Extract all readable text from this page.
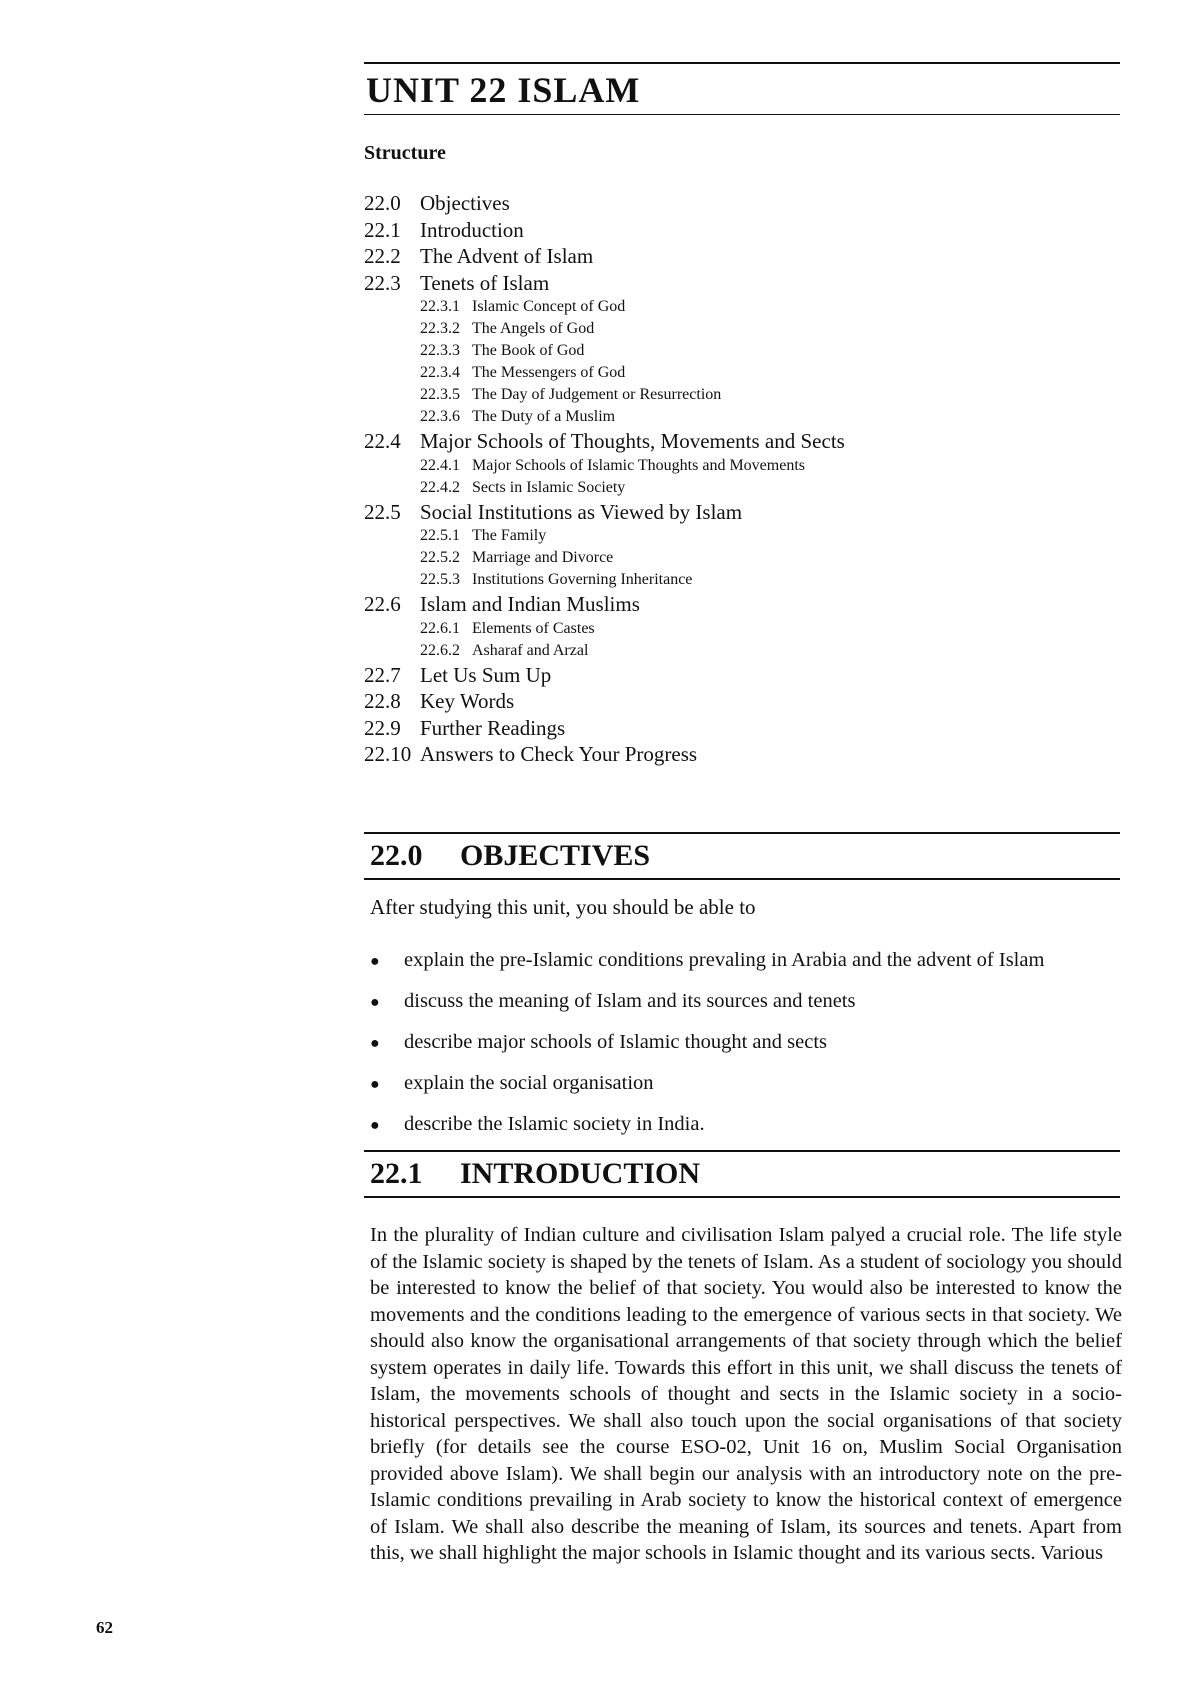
UNIT 22 ISLAM
Structure
22.0 Objectives
22.1 Introduction
22.2 The Advent of Islam
22.3 Tenets of Islam
22.3.1 Islamic Concept of God
22.3.2 The Angels of God
22.3.3 The Book of God
22.3.4 The Messengers of God
22.3.5 The Day of Judgement or Resurrection
22.3.6 The Duty of a Muslim
22.4 Major Schools of Thoughts, Movements and Sects
22.4.1 Major Schools of Islamic Thoughts and Movements
22.4.2 Sects in Islamic Society
22.5 Social Institutions as Viewed by Islam
22.5.1 The Family
22.5.2 Marriage and Divorce
22.5.3 Institutions Governing Inheritance
22.6 Islam and Indian Muslims
22.6.1 Elements of Castes
22.6.2 Asharaf and Arzal
22.7 Let Us Sum Up
22.8 Key Words
22.9 Further Readings
22.10 Answers to Check Your Progress
22.0	OBJECTIVES
After studying this unit, you should be able to
●	explain the pre-Islamic conditions prevaling in Arabia and the advent of Islam
●	discuss the meaning of Islam and its sources and tenets
●	describe major schools of Islamic thought and sects
●	explain the social organisation
●	describe the Islamic society in India.
22.1	INTRODUCTION

In the plurality of Indian culture and civilisation Islam palyed a crucial role. The life style of the Islamic society is shaped by the tenets of Islam. As a student of sociology you should be interested to know the belief of that society. You would also be interested to know the movements and the conditions leading to the emergence of various sects in that society. We should also know the organisational arrangements of that society through which the belief system operates in daily life. Towards this effort in this unit, we shall discuss the tenets of Islam, the movements schools of thought and sects in the Islamic society in a socio-historical perspectives. We shall also touch upon the social organisations of that society briefly (for details see the course ESO-02, Unit 16 on, Muslim Social Organisation provided above Islam). We shall begin our analysis with an introductory note on the pre-Islamic conditions prevailing in Arab society to know the historical context of emergence of Islam. We shall also describe the meaning of Islam, its sources and tenets. Apart from this, we shall highlight the major schools in Islamic thought and its various sects. Various

62
